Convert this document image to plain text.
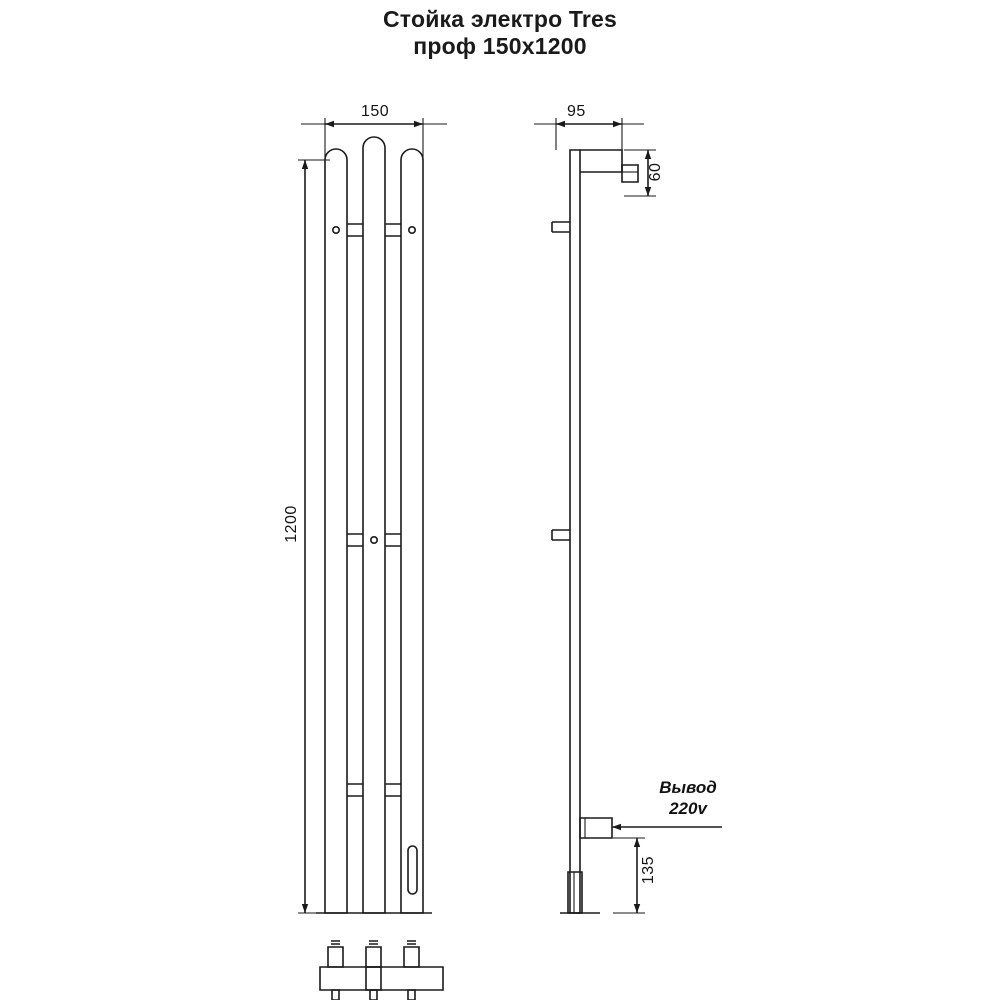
Стойка электро Tres
проф 150x1200
150
1200
95
60
135
Вывод
220v
